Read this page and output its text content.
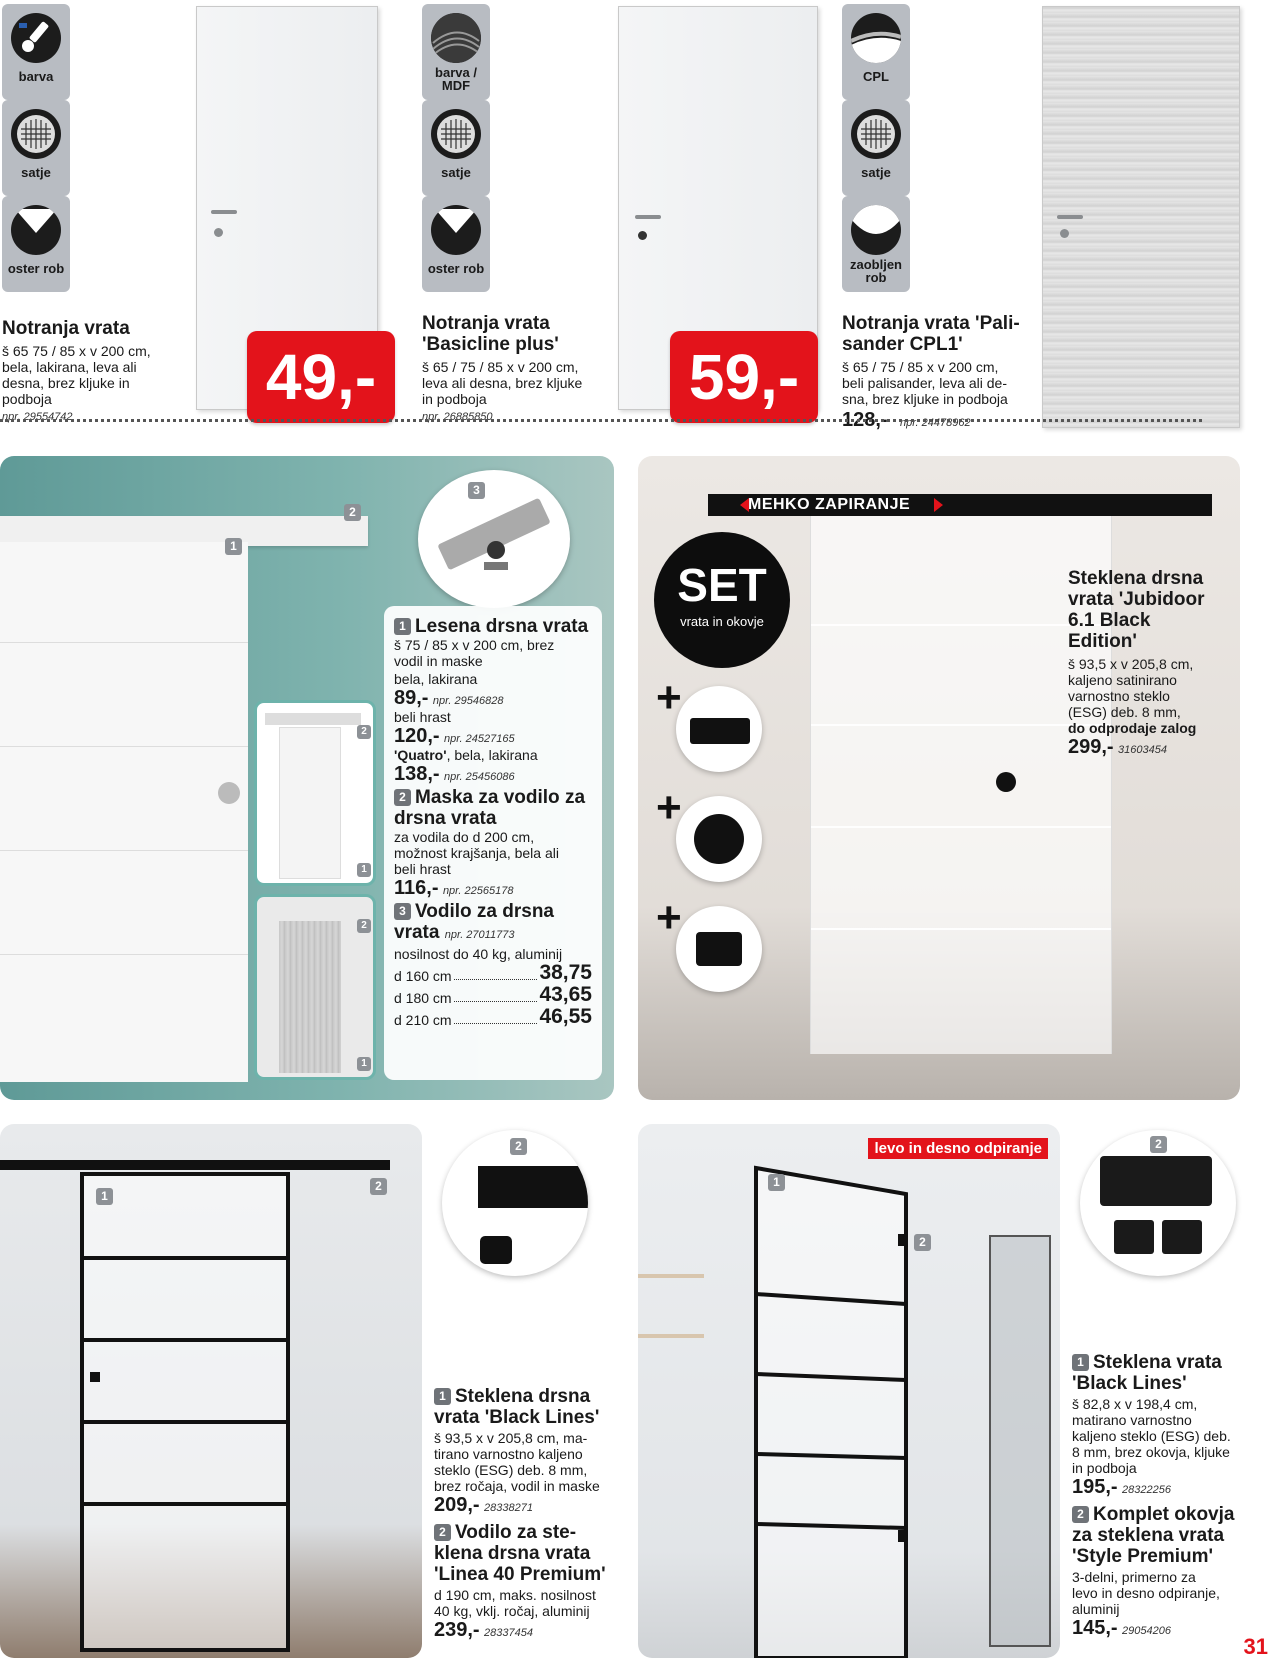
barva
satje
oster rob
49,-
Notranja vrata
š 65 75 / 85 x v 200 cm,
bela, lakirana, leva ali
desna, brez kljuke in
podboja
npr. 29554742
barva /
MDF
satje
oster rob
59,-
Notranja vrata
'Basicline plus'
š 65 / 75 / 85 x v 200 cm,
leva ali desna, brez kljuke
in podboja
npr. 26885850
CPL
satje
zaobljen
rob
Notranja vrata 'Pali-
sander CPL1'
š 65 / 75 / 85 x v 200 cm,
beli palisander, leva ali de-
sna, brez kljuke in podboja
128,- npr. 24478962
1
2
2
1
2
1
3
1 Lesena drsna vrata
š 75 / 85 x v 200 cm, brez
vodil in maske
bela, lakirana
89,- npr. 29546828
beli hrast
120,- npr. 24527165
'Quatro', bela, lakirana
138,- npr. 25456086
2 Maska za vodilo za
drsna vrata
za vodila do d 200 cm,
možnost krajšanja, bela ali
beli hrast
116,- npr. 22565178
3 Vodilo za drsna
vrata npr. 27011773
nosilnost do 40 kg, aluminij
d 160 cm	38,75
d 180 cm	43,65
d 210 cm	46,55
MEHKO ZAPIRANJE
SET
vrata in okovje
+
+
+
Steklena drsna
vrata 'Jubidoor
6.1 Black
Edition'
š 93,5 x v 205,8 cm,
kaljeno satinirano
varnostno steklo
(ESG) deb. 8 mm,
do odprodaje zalog
299,- 31603454
1
2
2
1 Steklena drsna
vrata 'Black Lines'
š 93,5 x v 205,8 cm, ma-
tirano varnostno kaljeno
steklo (ESG) deb. 8 mm,
brez ročaja, vodil in maske
209,- 28338271
2 Vodilo za ste-
klena drsna vrata
'Linea 40 Premium'
d 190 cm, maks. nosilnost
40 kg, vklj. ročaj, aluminij
239,- 28337454
levo in desno odpiranje
1
2
2
1 Steklena vrata
'Black Lines'
š 82,8 x v 198,4 cm,
matirano varnostno
kaljeno steklo (ESG) deb.
8 mm, brez okovja, kljuke
in podboja
195,- 28322256
2 Komplet okovja
za steklena vrata
'Style Premium'
3-delni, primerno za
levo in desno odpiranje,
aluminij
145,- 29054206
31
